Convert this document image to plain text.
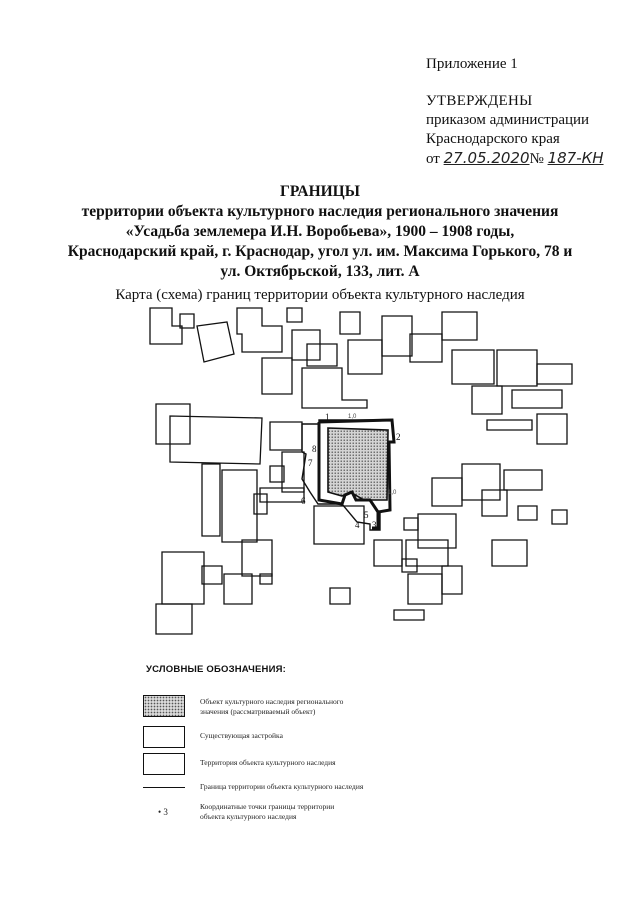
Приложение 1
УТВЕРЖДЕНЫ
приказом администрации
Краснодарского края
от 27.05.2020№ 187-КН
ГРАНИЦЫ
территории объекта культурного наследия регионального значения
«Усадьба землемера И.Н. Воробьева», 1900 – 1908 годы,
Краснодарский край, г. Краснодар, угол ул. им. Максима Горького, 78 и
ул. Октябрьской, 133, лит. А
Карта (схема) границ территории объекта культурного наследия
1
2
3
4
5
6
7
8
1,0
1,0
УСЛОВНЫЕ ОБОЗНАЧЕНИЯ:
Объект культурного наследия регионального
значения (рассматриваемый объект)
Существующая застройка
Территория объекта культурного наследия
Граница территории объекта культурного наследия
• 3
Координатные точки границы территории
объекта культурного наследия
